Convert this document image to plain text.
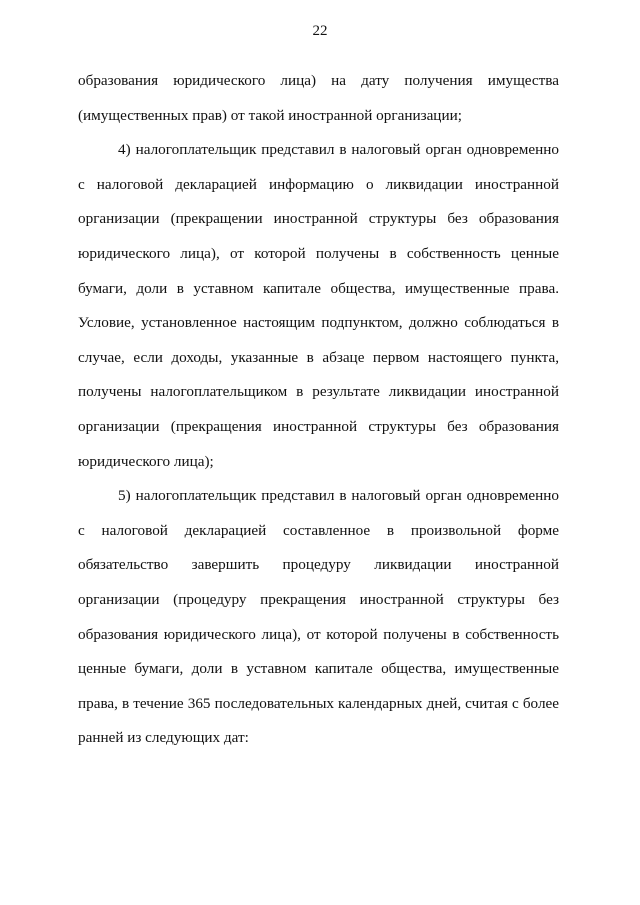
22

образования юридического лица) на дату получения имущества (имущественных прав) от такой иностранной организации;

4) налогоплательщик представил в налоговый орган одновременно с налоговой декларацией информацию о ликвидации иностранной организации (прекращении иностранной структуры без образования юридического лица), от которой получены в собственность ценные бумаги, доли в уставном капитале общества, имущественные права. Условие, установленное настоящим подпунктом, должно соблюдаться в случае, если доходы, указанные в абзаце первом настоящего пункта, получены налогоплательщиком в результате ликвидации иностранной организации (прекращения иностранной структуры без образования юридического лица);

5) налогоплательщик представил в налоговый орган одновременно с налоговой декларацией составленное в произвольной форме обязательство завершить процедуру ликвидации иностранной организации (процедуру прекращения иностранной структуры без образования юридического лица), от которой получены в собственность ценные бумаги, доли в уставном капитале общества, имущественные права, в течение 365 последовательных календарных дней, считая с более ранней из следующих дат:
